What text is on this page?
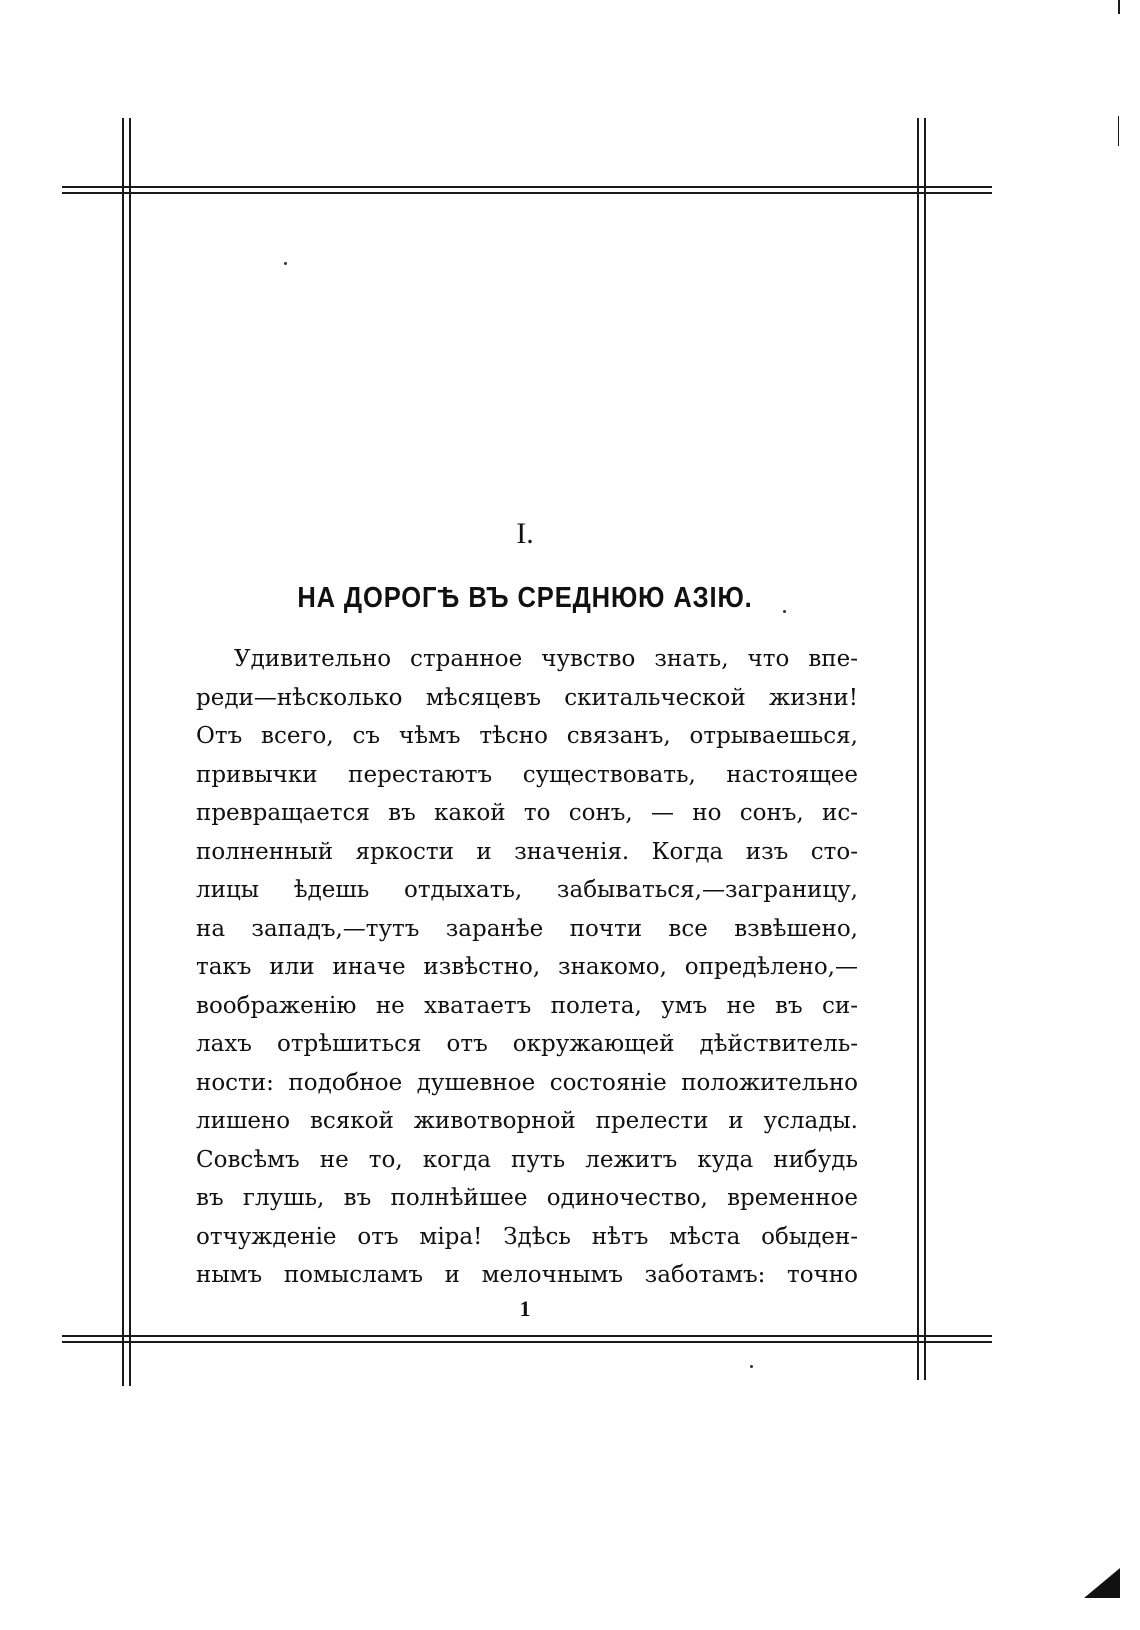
I.
НА ДОРОГѢ ВЪ СРЕДНЮЮ АЗІЮ.
Удивительно странное чувство знать, что впе-
реди—нѣсколько мѣсяцевъ скитальческой жизни!
Отъ всего, съ чѣмъ тѣсно связанъ, отрываешься,
привычки перестаютъ существовать, настоящее
превращается въ какой то сонъ, — но сонъ, ис-
полненный яркости и значенія. Когда изъ сто-
лицы ѣдешь отдыхать, забываться,—заграницу,
на западъ,—тутъ заранѣе почти все взвѣшено,
такъ или иначе извѣстно, знакомо, опредѣлено,—
воображенію не хватаетъ полета, умъ не въ си-
лахъ отрѣшиться отъ окружающей дѣйствитель-
ности: подобное душевное состояніе положительно
лишено всякой животворной прелести и услады.
Совсѣмъ не то, когда путь лежитъ куда нибудь
въ глушь, въ полнѣйшее одиночество, временное
отчужденіе отъ міра! Здѣсь нѣтъ мѣста обыден-
нымъ помысламъ и мелочнымъ заботамъ: точно
1
